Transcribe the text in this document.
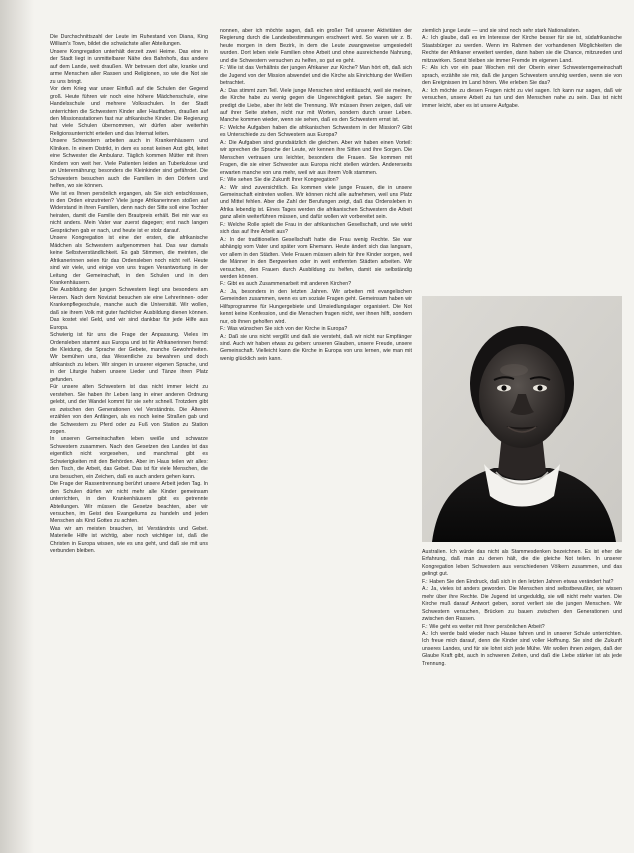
Die Durchschnittszahl der Leute im Ruhestand von Diana, King William's Town, bildet die schwächste aller Abteilungen.

Unsere Kongregation unterhält derzeit zwei Heime. Das eine in der Stadt liegt in unmittelbarer Nähe des Bahnhofs, das andere auf dem Lande, weit draußen. Wir betreuen dort alte, kranke und arme Menschen aller Rassen und Religionen, so wie die Not sie zu uns bringt.

Vor dem Krieg war unser Einfluß auf die Schulen der Gegend groß. Heute führen wir noch eine höhere Mädchenschule, eine Handelsschule und mehrere Volksschulen. In der Stadt unterrichten die Schwestern Kinder aller Hautfarben, draußen auf den Missionsstationen fast nur afrikanische Kinder. Die Regierung hat viele Schulen übernommen, wir dürfen aber weiterhin Religionsunterricht erteilen und das Internat leiten.

Unsere Schwestern arbeiten auch in Krankenhäusern und Kliniken. In einem Distrikt, in dem es sonst keinen Arzt gibt, leitet eine Schwester die Ambulanz. Täglich kommen Mütter mit ihren Kindern von weit her. Viele Patienten leiden an Tuberkulose und an Unterernährung; besonders die Kleinkinder sind gefährdet. Die Schwestern besuchen auch die Familien in den Dörfern und helfen, wo sie können.

Wie ist es Ihnen persönlich ergangen, als Sie sich entschlossen, in den Orden einzutreten? Viele junge Afrikanerinnen stoßen auf Widerstand in ihren Familien, denn nach der Sitte soll eine Tochter heiraten, damit die Familie den Brautpreis erhält. Bei mir war es nicht anders. Mein Vater war zuerst dagegen; erst nach langen Gesprächen gab er nach, und heute ist er stolz darauf.

Unsere Kongregation ist eine der ersten, die afrikanische Mädchen als Schwestern aufgenommen hat. Das war damals keine Selbstverständlichkeit. Es gab Stimmen, die meinten, die Afrikanerinnen seien für das Ordensleben noch nicht reif. Heute sind wir viele, und einige von uns tragen Verantwortung in der Leitung der Gemeinschaft, in den Schulen und in den Krankenhäusern.

Die Ausbildung der jungen Schwestern liegt uns besonders am Herzen. Nach dem Noviziat besuchen sie eine Lehrerinnen- oder Krankenpflegeschule, manche auch die Universität. Wir wollen, daß sie ihrem Volk mit guter fachlicher Ausbildung dienen können. Das kostet viel Geld, und wir sind dankbar für jede Hilfe aus Europa.

Schwierig ist für uns die Frage der Anpassung. Vieles im Ordensleben stammt aus Europa und ist für Afrikanerinnen fremd: die Kleidung, die Sprache der Gebete, manche Gewohnheiten. Wir bemühen uns, das Wesentliche zu bewahren und doch afrikanisch zu leben. Wir singen in unserer eigenen Sprache, und in der Liturgie haben unsere Lieder und Tänze ihren Platz gefunden.

Für unsere alten Schwestern ist das nicht immer leicht zu verstehen. Sie haben ihr Leben lang in einer anderen Ordnung gelebt, und der Wandel kommt für sie sehr schnell. Trotzdem gibt es zwischen den Generationen viel Verständnis. Die Älteren erzählen von den Anfängen, als es noch keine Straßen gab und die Schwestern zu Pferd oder zu Fuß von Station zu Station zogen.

In unseren Gemeinschaften leben weiße und schwarze Schwestern zusammen. Nach den Gesetzen des Landes ist das eigentlich nicht vorgesehen, und manchmal gibt es Schwierigkeiten mit den Behörden. Aber im Haus teilen wir alles: den Tisch, die Arbeit, das Gebet. Das ist für viele Menschen, die uns besuchen, ein Zeichen, daß es auch anders gehen kann.

Die Frage der Rassentrennung berührt unsere Arbeit jeden Tag. In den Schulen dürfen wir nicht mehr alle Kinder gemeinsam unterrichten, in den Krankenhäusern gibt es getrennte Abteilungen. Wir müssen die Gesetze beachten, aber wir versuchen, im Geist des Evangeliums zu handeln und jeden Menschen als Kind Gottes zu achten.

Was wir am meisten brauchen, ist Verständnis und Gebet. Materielle Hilfe ist wichtig, aber noch wichtiger ist, daß die Christen in Europa wissen, wie es uns geht, und daß sie mit uns verbunden bleiben.

nonnen, aber ich möchte sagen, daß ein großer Teil unserer Aktivitäten der Regierung durch die Landesbestimmungen erschwert wird. So waren wir z. B. heute morgen in dem Bezirk, in dem die Leute zwangsweise umgesiedelt wurden. Dort leben viele Familien ohne Arbeit und ohne ausreichende Nahrung, und die Schwestern versuchen zu helfen, so gut es geht.

F.: Wie ist das Verhältnis der jungen Afrikaner zur Kirche? Man hört oft, daß sich die Jugend von der Mission abwendet und die Kirche als Einrichtung der Weißen betrachtet.

A.: Das stimmt zum Teil. Viele junge Menschen sind enttäuscht, weil sie meinen, die Kirche habe zu wenig gegen die Ungerechtigkeit getan. Sie sagen: Ihr predigt die Liebe, aber ihr lebt die Trennung. Wir müssen ihnen zeigen, daß wir auf ihrer Seite stehen, nicht nur mit Worten, sondern durch unser Leben. Manche kommen wieder, wenn sie sehen, daß es den Schwestern ernst ist.

F.: Welche Aufgaben haben die afrikanischen Schwestern in der Mission? Gibt es Unterschiede zu den Schwestern aus Europa?

A.: Die Aufgaben sind grundsätzlich die gleichen. Aber wir haben einen Vorteil: wir sprechen die Sprache der Leute, wir kennen ihre Sitten und ihre Sorgen. Die Menschen vertrauen uns leichter, besonders die Frauen. Sie kommen mit Fragen, die sie einer Schwester aus Europa nicht stellen würden. Andererseits erwarten manche von uns mehr, weil wir aus ihrem Volk stammen.

F.: Wie sehen Sie die Zukunft Ihrer Kongregation?

A.: Wir sind zuversichtlich. Es kommen viele junge Frauen, die in unsere Gemeinschaft eintreten wollen. Wir können nicht alle aufnehmen, weil uns Platz und Mittel fehlen. Aber die Zahl der Berufungen zeigt, daß das Ordensleben in Afrika lebendig ist. Eines Tages werden die afrikanischen Schwestern die Arbeit ganz allein weiterführen müssen, und dafür wollen wir vorbereitet sein.

F.: Welche Rolle spielt die Frau in der afrikanischen Gesellschaft, und wie wirkt sich das auf Ihre Arbeit aus?

A.: In der traditionellen Gesellschaft hatte die Frau wenig Rechte. Sie war abhängig vom Vater und später vom Ehemann. Heute ändert sich das langsam, vor allem in den Städten. Viele Frauen müssen allein für ihre Kinder sorgen, weil die Männer in den Bergwerken oder in weit entfernten Städten arbeiten. Wir versuchen, den Frauen durch Ausbildung zu helfen, damit sie selbständig werden können.

F.: Gibt es auch Zusammenarbeit mit anderen Kirchen?

A.: Ja, besonders in den letzten Jahren. Wir arbeiten mit evangelischen Gemeinden zusammen, wenn es um soziale Fragen geht. Gemeinsam haben wir Hilfsprogramme für Hungergebiete und Umsiedlungslager organisiert. Die Not kennt keine Konfession, und die Menschen fragen nicht, wer ihnen hilft, sondern nur, ob ihnen geholfen wird.

F.: Was wünschen Sie sich von der Kirche in Europa?

A.: Daß sie uns nicht vergißt und daß sie versteht, daß wir nicht nur Empfänger sind. Auch wir haben etwas zu geben: unseren Glauben, unsere Freude, unsere Gemeinschaft. Vielleicht kann die Kirche in Europa von uns lernen, wie man mit wenig glücklich sein kann.

ziemlich junge Leute — und sie sind noch sehr stark Nationalisten.

A.: Ich glaube, daß es im Interesse der Kirche besser für sie ist, südafrikanische Staatsbürger zu werden. Wenn im Rahmen der vorhandenen Möglichkeiten die Rechte der Afrikaner erweitert werden, dann haben sie die Chance, mitzureden und mitzuwirken. Sonst bleiben sie immer Fremde im eigenen Land.

F.: Als ich vor ein paar Wochen mit der Oberin einer Schwesterngemeinschaft sprach, erzählte sie mir, daß die jungen Schwestern unruhig werden, wenn sie von den Ereignissen im Land hören. Wie erleben Sie das?

A.: Ich möchte zu diesen Fragen nicht zu viel sagen. Ich kann nur sagen, daß wir versuchen, unsere Arbeit zu tun und den Menschen nahe zu sein. Das ist nicht immer leicht, aber es ist unsere Aufgabe.

Australien. Ich würde das nicht als Stammesdenken bezeichnen. Es ist eher die Erfahrung, daß man zu denen hält, die die gleiche Not teilen. In unserer Kongregation leben Schwestern aus verschiedenen Völkern zusammen, und das gelingt gut.

F.: Haben Sie den Eindruck, daß sich in den letzten Jahren etwas verändert hat?

A.: Ja, vieles ist anders geworden. Die Menschen sind selbstbewußter, sie wissen mehr über ihre Rechte. Die Jugend ist ungeduldig, sie will nicht mehr warten. Die Kirche muß darauf Antwort geben, sonst verliert sie die jungen Menschen. Wir Schwestern versuchen, Brücken zu bauen zwischen den Generationen und zwischen den Rassen.

F.: Wie geht es weiter mit Ihrer persönlichen Arbeit?

A.: Ich werde bald wieder nach Hause fahren und in unserer Schule unterrichten. Ich freue mich darauf, denn die Kinder sind voller Hoffnung. Sie sind die Zukunft unseres Landes, und für sie lohnt sich jede Mühe. Wir wollen ihnen zeigen, daß der Glaube Kraft gibt, auch in schweren Zeiten, und daß die Liebe stärker ist als jede Trennung.
